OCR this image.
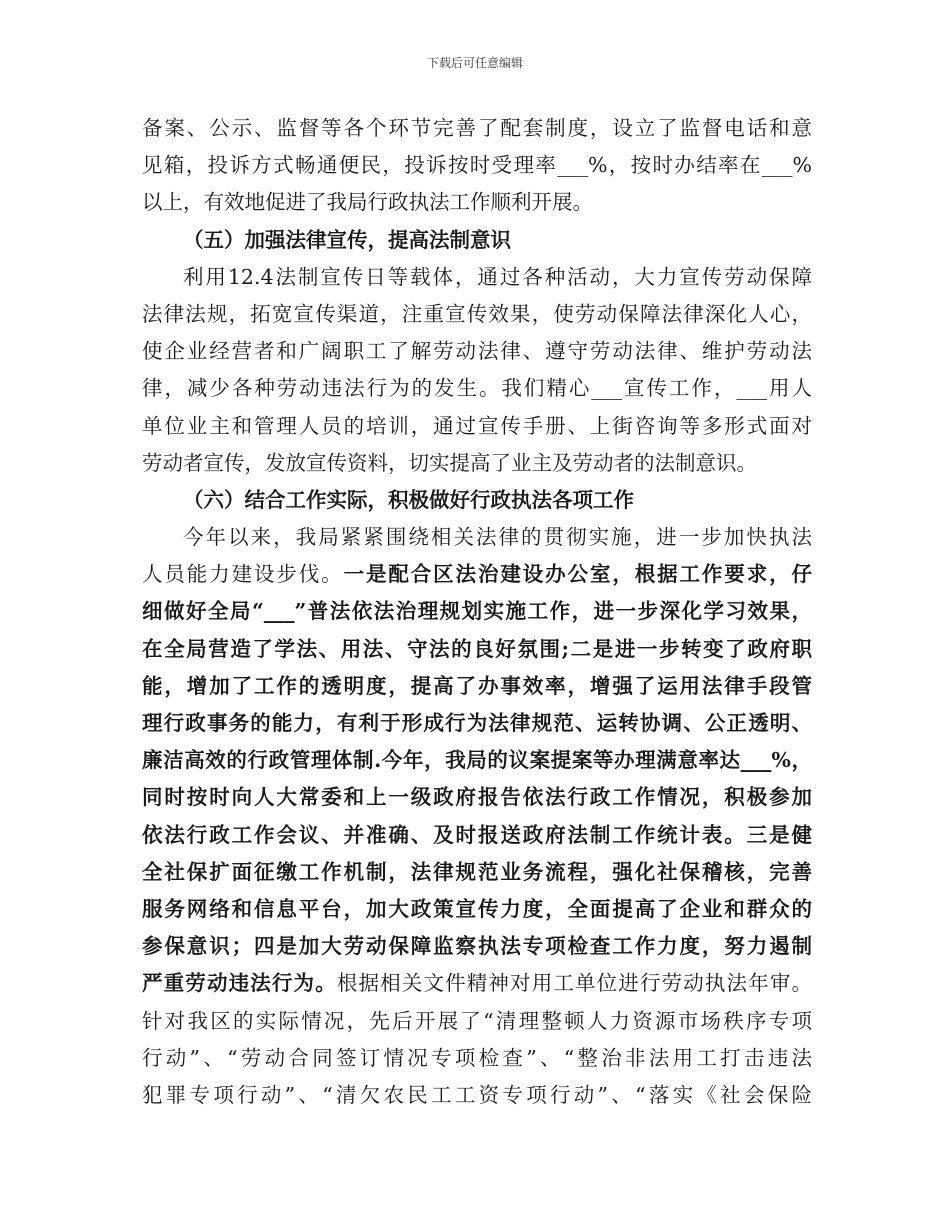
下载后可任意编辑
备案、公示、监督等各个环节完善了配套制度，设立了监督电话和意
见箱，投诉方式畅通便民，投诉按时受理率___%，按时办结率在___%
以上，有效地促进了我局行政执法工作顺利开展。
（五）加强法律宣传，提高法制意识
利用12.4法制宣传日等载体，通过各种活动，大力宣传劳动保障
法律法规，拓宽宣传渠道，注重宣传效果，使劳动保障法律深化人心，
使企业经营者和广阔职工了解劳动法律、遵守劳动法律、维护劳动法
律，减少各种劳动违法行为的发生。我们精心___宣传工作，___用人
单位业主和管理人员的培训，通过宣传手册、上街咨询等多形式面对
劳动者宣传，发放宣传资料，切实提高了业主及劳动者的法制意识。
（六）结合工作实际，积极做好行政执法各项工作
今年以来，我局紧紧围绕相关法律的贯彻实施，进一步加快执法
人员能力建设步伐。一是配合区法治建设办公室，根据工作要求，仔
细做好全局“___”普法依法治理规划实施工作，进一步深化学习效果，
在全局营造了学法、用法、守法的良好氛围;二是进一步转变了政府职
能，增加了工作的透明度，提高了办事效率，增强了运用法律手段管
理行政事务的能力，有利于形成行为法律规范、运转协调、公正透明、
廉洁高效的行政管理体制.今年，我局的议案提案等办理满意率达___%，
同时按时向人大常委和上一级政府报告依法行政工作情况，积极参加
依法行政工作会议、并准确、及时报送政府法制工作统计表。三是健
全社保扩面征缴工作机制，法律规范业务流程，强化社保稽核，完善
服务网络和信息平台，加大政策宣传力度，全面提高了企业和群众的
参保意识；四是加大劳动保障监察执法专项检查工作力度，努力遏制
严重劳动违法行为。根据相关文件精神对用工单位进行劳动执法年审。
针对我区的实际情况，先后开展了“清理整顿人力资源市场秩序专项
行动”、“劳动合同签订情况专项检查”、“整治非法用工打击违法
犯罪专项行动”、“清欠农民工工资专项行动”、“落实《社会保险
